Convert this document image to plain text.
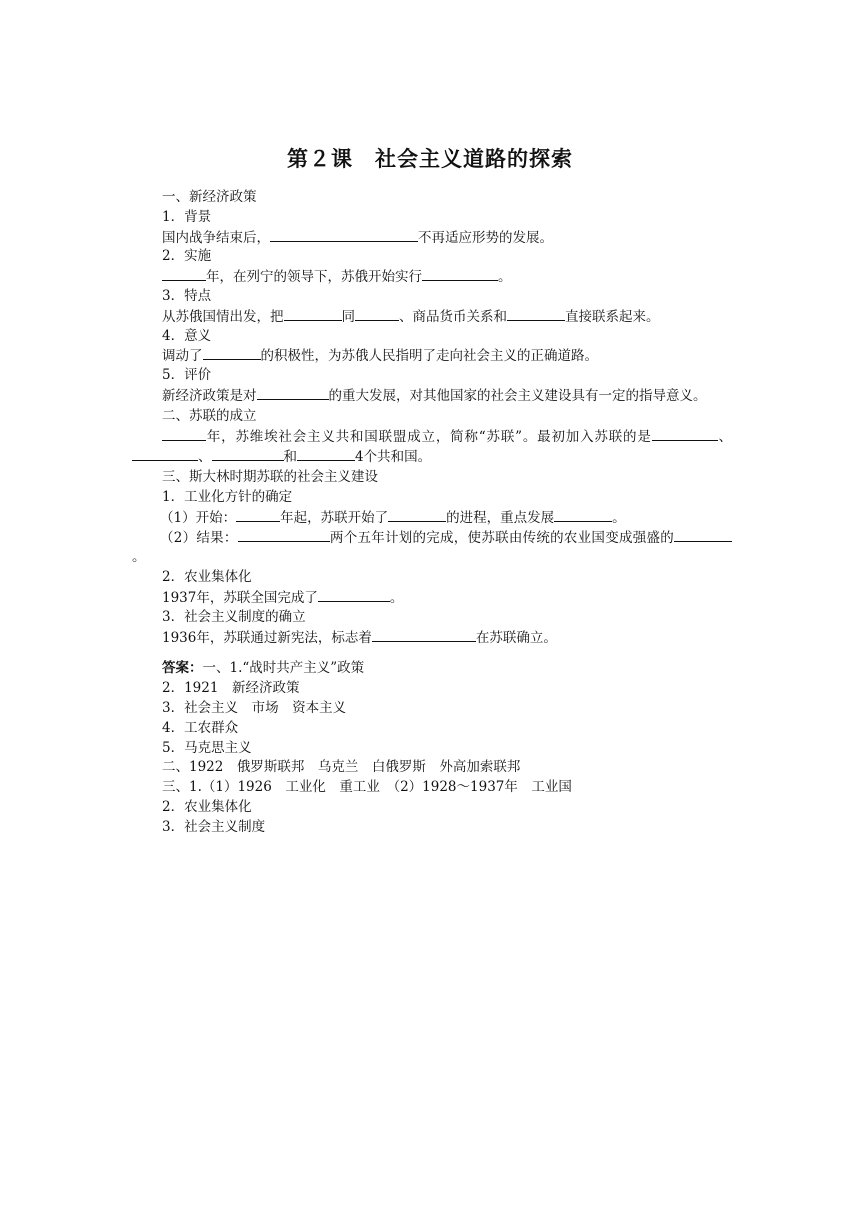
第２课　社会主义道路的探索
一、新经济政策
1．背景
国内战争结束后，	不再适应形势的发展。
2．实施
年，在列宁的领导下，苏俄开始实行	。
3．特点
从苏俄国情出发，把	同	、商品货币关系和	直接联系起来。
4．意义
调动了	的积极性，为苏俄人民指明了走向社会主义的正确道路。
5．评价
新经济政策是对	的重大发展，对其他国家的社会主义建设具有一定的指导意义。
二、苏联的成立
年，苏维埃社会主义共和国联盟成立，简称“苏联”。最初加入苏联的是	、、	和	4个共和国。
三、斯大林时期苏联的社会主义建设
1．工业化方针的确定
（1）开始：	年起，苏联开始了	的进程，重点发展	。
（2）结果：	两个五年计划的完成，使苏联由传统的农业国变成强盛的。
2．农业集体化
1937年，苏联全国完成了	。
3．社会主义制度的确立
1936年，苏联通过新宪法，标志着	在苏联确立。
答案：一、1.“战时共产主义”政策
2．1921　新经济政策
3．社会主义　市场　资本主义
4．工农群众
5．马克思主义
二、1922　俄罗斯联邦　乌克兰　白俄罗斯　外高加索联邦
三、1.（1）1926　工业化　重工业　（2）1928～1937年　工业国
2．农业集体化
3．社会主义制度
